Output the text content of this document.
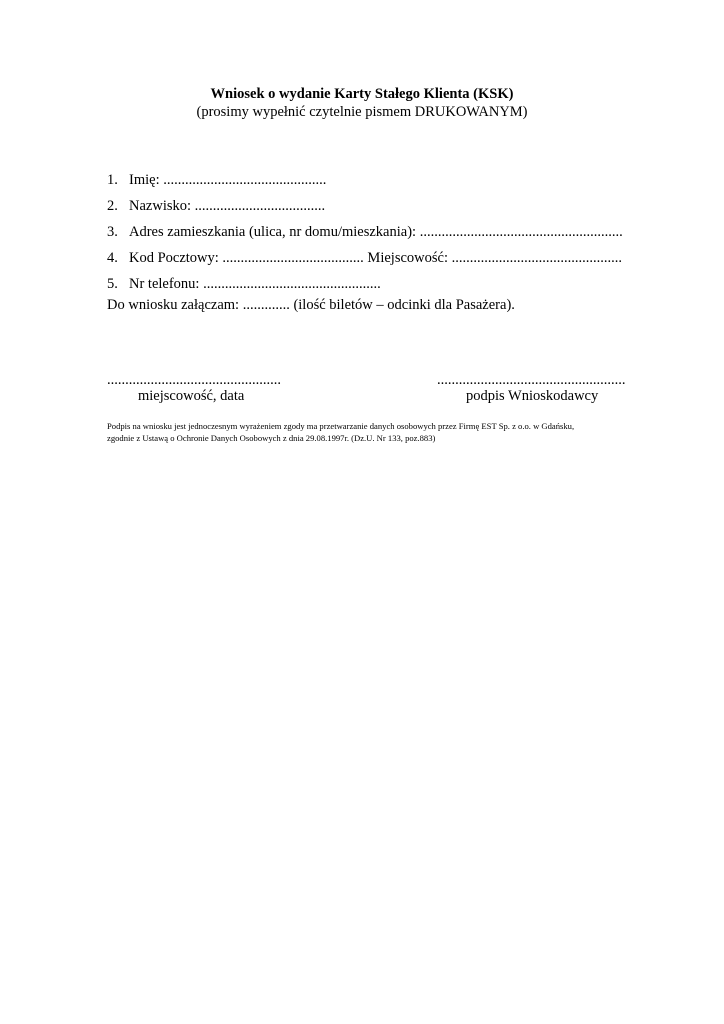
Wniosek o wydanie Karty Stałego Klienta (KSK)
(prosimy wypełnić czytelnie pismem DRUKOWANYM)
1. Imię: .............................................
2. Nazwisko: ....................................
3. Adres zamieszkania (ulica, nr domu/mieszkania): ........................................................
4. Kod Pocztowy: ....................................... Miejscowość: ...............................................
5. Nr telefonu: .................................................
Do wniosku załączam: ............. (ilość biletów – odcinki dla Pasażera).
................................................	....................................................
miejscowość, data	podpis Wnioskodawcy
Podpis na wniosku jest jednoczesnym wyrażeniem zgody ma przetwarzanie danych osobowych przez Firmę EST Sp. z o.o. w Gdańsku,
zgodnie z Ustawą o Ochronie Danych Osobowych z dnia 29.08.1997r. (Dz.U. Nr 133, poz.883)
